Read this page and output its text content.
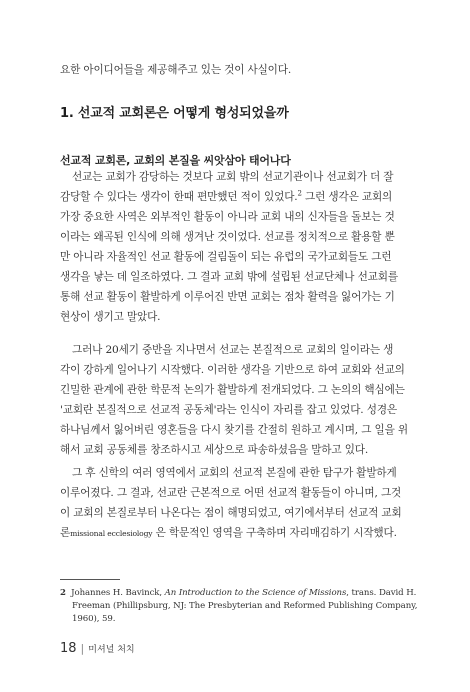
요한 아이디어들을 제공해주고 있는 것이 사실이다.
1. 선교적 교회론은 어떻게 형성되었을까
선교적 교회론, 교회의 본질을 씨앗삼아 태어나다
선교는 교회가 감당하는 것보다 교회 밖의 선교기관이나 선교회가 더 잘
감당할 수 있다는 생각이 한때 편만했던 적이 있었다.$^2$ 그런 생각은 교회의
가장 중요한 사역은 외부적인 활동이 아니라 교회 내의 신자들을 돌보는 것
이라는 왜곡된 인식에 의해 생겨난 것이었다. 선교를 정치적으로 활용할 뿐
만 아니라 자율적인 선교 활동에 걸림돌이 되는 유럽의 국가교회들도 그런
생각을 낳는 데 일조하였다. 그 결과 교회 밖에 설립된 선교단체나 선교회를
통해 선교 활동이 활발하게 이루어진 반면 교회는 점차 활력을 잃어가는 기
현상이 생기고 말았다.
그러나 20세기 중반을 지나면서 선교는 본질적으로 교회의 일이라는 생
각이 강하게 일어나기 시작했다. 이러한 생각을 기반으로 하여 교회와 선교의
긴밀한 관계에 관한 학문적 논의가 활발하게 전개되었다. 그 논의의 핵심에는
'교회란 본질적으로 선교적 공동체'라는 인식이 자리를 잡고 있었다. 성경은
하나님께서 잃어버린 영혼들을 다시 찾기를 간절히 원하고 계시며, 그 일을 위
해서 교회 공동체를 창조하시고 세상으로 파송하셨음을 말하고 있다.
그 후 신학의 여러 영역에서 교회의 선교적 본질에 관한 탐구가 활발하게
이루어졌다. 그 결과, 선교란 근본적으로 어떤 선교적 활동들이 아니며, 그것
이 교회의 본질로부터 나온다는 점이 해명되었고, 여기에서부터 선교적 교회
론missional ecclesiology 은 학문적인 영역을 구축하며 자리매김하기 시작했다.
2 Johannes H. Bavinck, An Introduction to the Science of Missions, trans. David H.
Freeman (Phillipsburg, NJ: The Presbyterian and Reformed Publishing Company,
1960), 59.
18 | 미셔널 처치
